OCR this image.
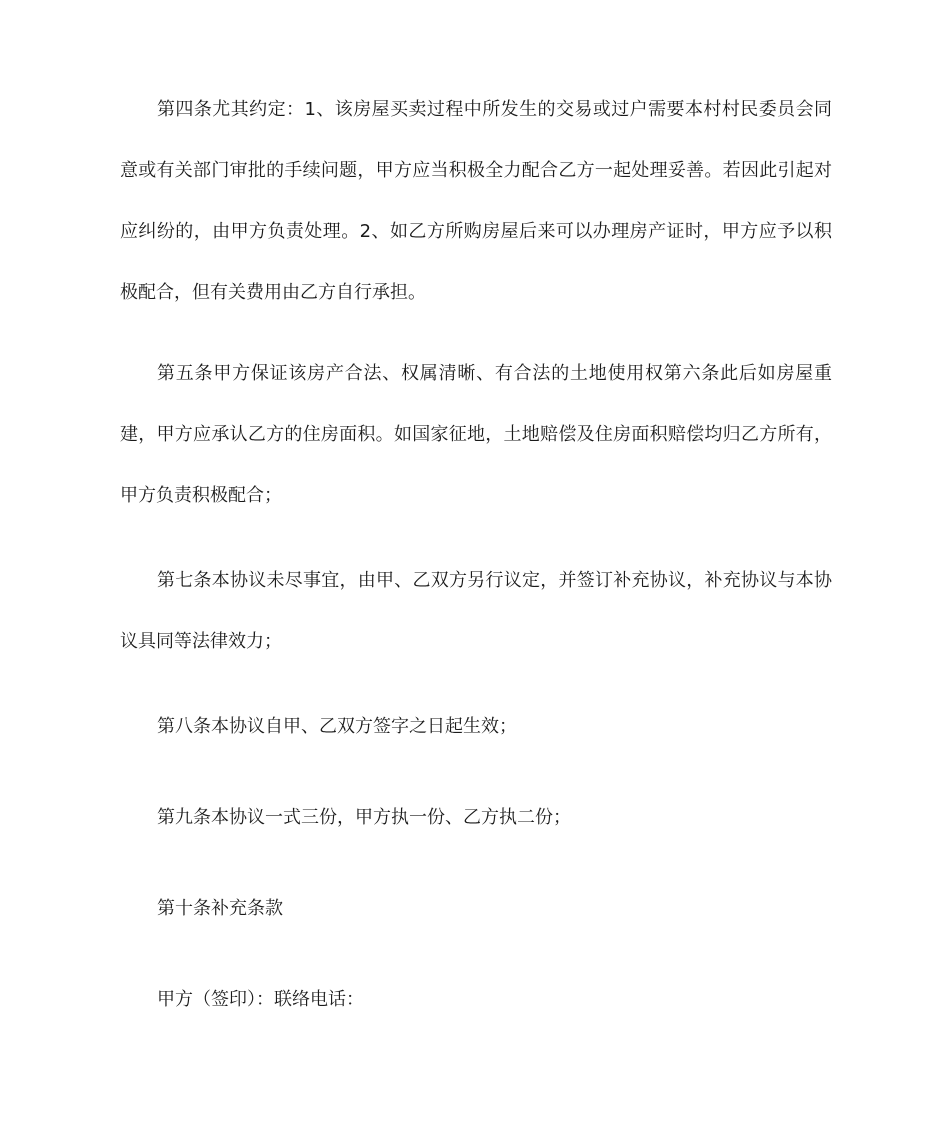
第四条尤其约定：1、该房屋买卖过程中所发生的交易或过户需要本村村民委员会同意或有关部门审批的手续问题，甲方应当积极全力配合乙方一起处理妥善。若因此引起对应纠纷的，由甲方负责处理。2、如乙方所购房屋后来可以办理房产证时，甲方应予以积极配合，但有关费用由乙方自行承担。

第五条甲方保证该房产合法、权属清晰、有合法的土地使用权第六条此后如房屋重建，甲方应承认乙方的住房面积。如国家征地，土地赔偿及住房面积赔偿均归乙方所有，甲方负责积极配合；

第七条本协议未尽事宜，由甲、乙双方另行议定，并签订补充协议，补充协议与本协议具同等法律效力；

第八条本协议自甲、乙双方签字之日起生效；

第九条本协议一式三份，甲方执一份、乙方执二份；

第十条补充条款

甲方（签印）：联络电话：
